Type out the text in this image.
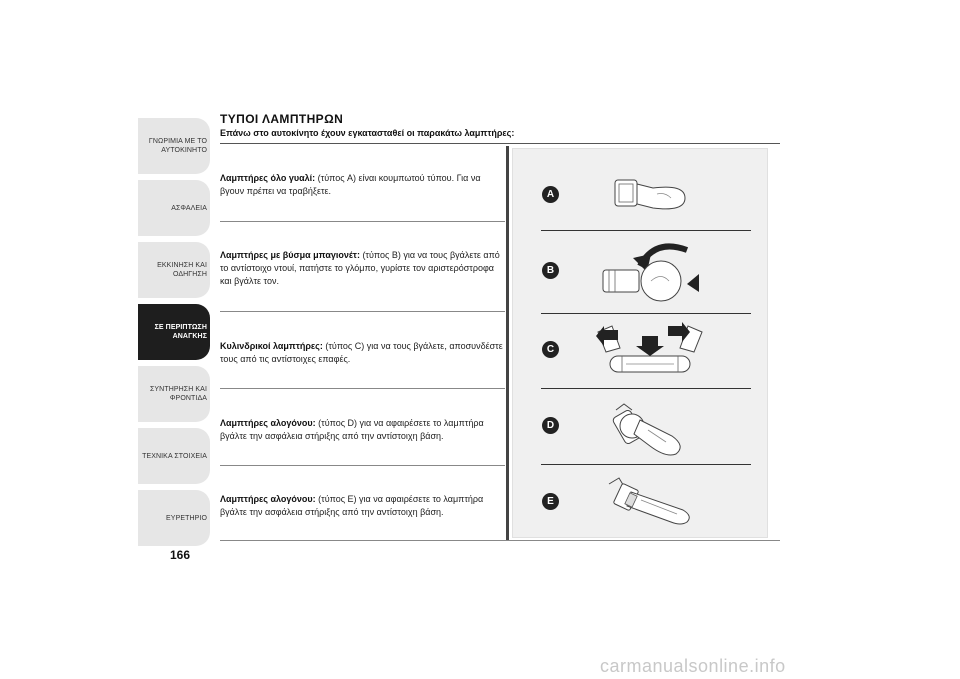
ΓΝΩΡΙΜΙΑ ΜΕ ΤΟ
ΑΥΤΟΚΙΝΗΤΟ
ΑΣΦΑΛΕΙΑ
ΕΚΚΙΝΗΣΗ ΚΑΙ
ΟΔΗΓΗΣΗ
ΣΕ ΠΕΡΙΠΤΩΣΗ
ΑΝΑΓΚΗΣ
ΣΥΝΤΗΡΗΣΗ ΚΑΙ
ΦΡΟΝΤΙΔΑ
ΤΕΧΝΙΚΑ ΣΤΟΙΧΕΙΑ
ΕΥΡΕΤΗΡΙΟ
166
ΤΥΠΟΙ ΛΑΜΠΤΗΡΩΝ
Επάνω στο αυτοκίνητο έχουν εγκατασταθεί οι παρακάτω λαμπτήρες:
Λαμπτήρες όλο γυαλί: (τύπος A) είναι κουμπωτού τύπου. Για να βγουν πρέπει να τραβήξετε.
Λαμπτήρες με βύσμα μπαγιονέτ: (τύπος B) για να τους βγάλετε από το αντίστοιχο ντουί, πατήστε το γλόμπο, γυρίστε τον αριστερόστροφα και βγάλτε τον.
Κυλινδρικοί λαμπτήρες: (τύπος C) για να τους βγάλετε, αποσυνδέστε τους από τις αντίστοιχες επαφές.
Λαμπτήρες αλογόνου: (τύπος D) για να αφαιρέσετε το λαμπτήρα βγάλτε την ασφάλεια στήριξης από την αντίστοιχη βάση.
Λαμπτήρες αλογόνου: (τύπος E) για να αφαιρέσετε το λαμπτήρα βγάλτε την ασφάλεια στήριξης από την αντίστοιχη βάση.
A
B
C
D
E
carmanualsonline.info
